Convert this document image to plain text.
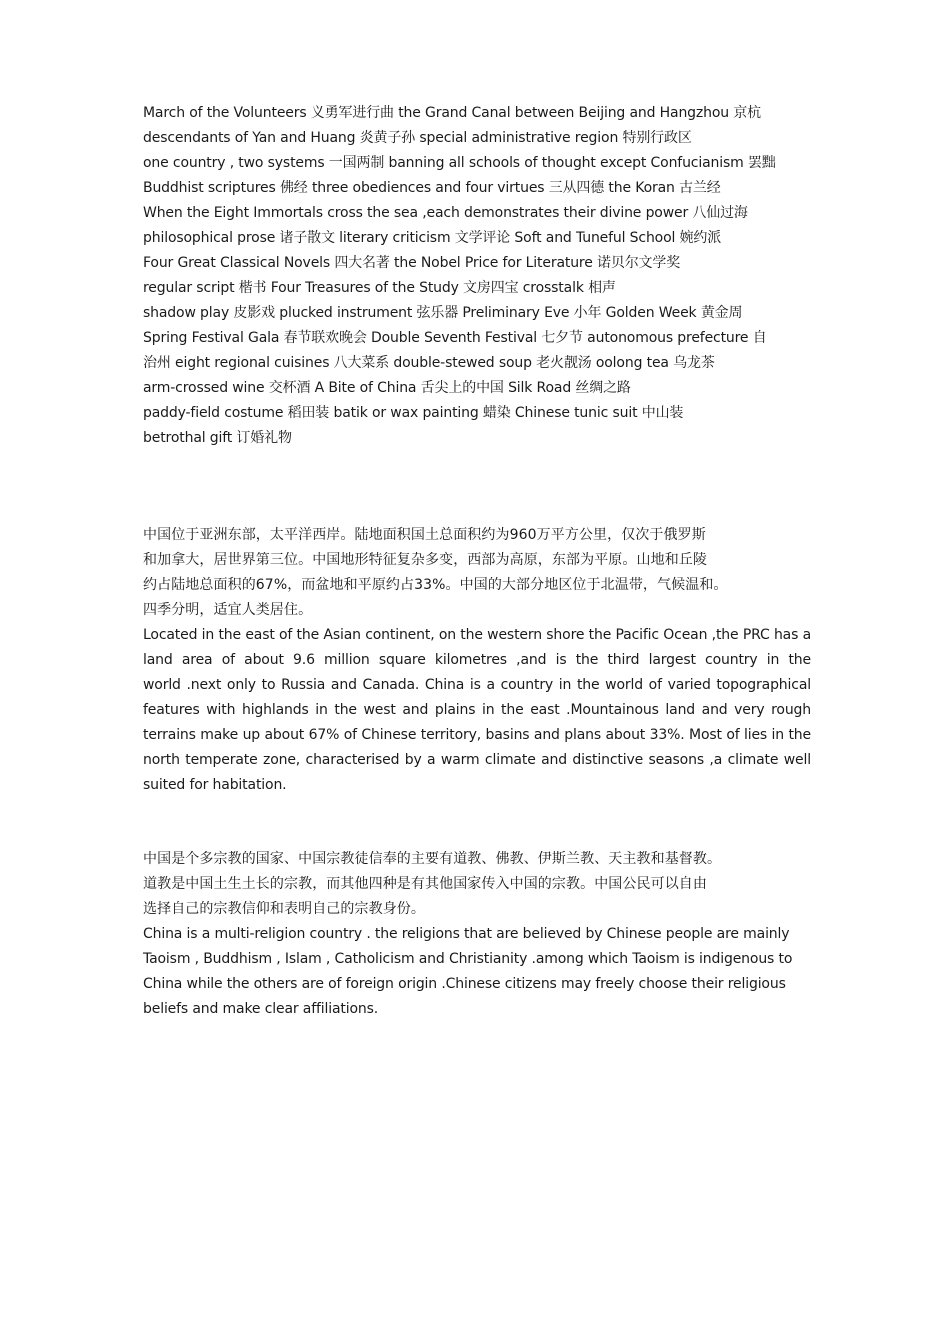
March of the Volunteers 义勇军进行曲 the Grand Canal between Beijing and Hangzhou 京杭
descendants of Yan and Huang 炎黄子孙 special administrative region 特别行政区
one country , two systems 一国两制 banning all schools of thought except Confucianism 罢黜
Buddhist scriptures 佛经 three obediences and four virtues 三从四德 the Koran 古兰经
When the Eight Immortals cross the sea ,each demonstrates their divine power 八仙过海
philosophical prose 诸子散文 literary criticism 文学评论 Soft and Tuneful School 婉约派
Four Great Classical Novels 四大名著 the Nobel Price for Literature 诺贝尔文学奖
regular script 楷书 Four Treasures of the Study 文房四宝 crosstalk 相声
shadow play 皮影戏 plucked instrument 弦乐器 Preliminary Eve 小年 Golden Week 黄金周
Spring Festival Gala 春节联欢晚会 Double Seventh Festival 七夕节 autonomous prefecture 自
治州 eight regional cuisines 八大菜系 double-stewed soup 老火靓汤 oolong tea 乌龙茶
arm-crossed wine 交杯酒 A Bite of China 舌尖上的中国 Silk Road 丝绸之路
paddy-field costume 稻田装 batik or wax painting 蜡染 Chinese tunic suit 中山装
betrothal gift 订婚礼物
中国位于亚洲东部，太平洋西岸。陆地面积国土总面积约为960万平方公里，仅次于俄罗斯
和加拿大，居世界第三位。中国地形特征复杂多变，西部为高原，东部为平原。山地和丘陵
约占陆地总面积的67%，而盆地和平原约占33%。中国的大部分地区位于北温带，气候温和。
四季分明，适宜人类居住。
Located in the east of the Asian continent, on the western shore the Pacific Ocean ,the PRC has a
land area of about 9.6 million square kilometres ,and is the third largest country in the
world .next only to Russia and Canada. China is a country in the world of varied topographical
features with highlands in the west and plains in the east .Mountainous land and very rough
terrains make up about 67% of Chinese territory, basins and plans about 33%. Most of lies in the
north temperate zone, characterised by a warm climate and distinctive seasons ,a climate well
suited for habitation.
中国是个多宗教的国家、中国宗教徒信奉的主要有道教、佛教、伊斯兰教、天主教和基督教。
道教是中国土生土长的宗教，而其他四种是有其他国家传入中国的宗教。中国公民可以自由
选择自己的宗教信仰和表明自己的宗教身份。
China is a multi-religion country . the religions that are believed by Chinese people are mainly
Taoism , Buddhism , Islam , Catholicism and Christianity .among which Taoism is indigenous to
China while the others are of foreign origin .Chinese citizens may freely choose their religious
beliefs and make clear affiliations.
